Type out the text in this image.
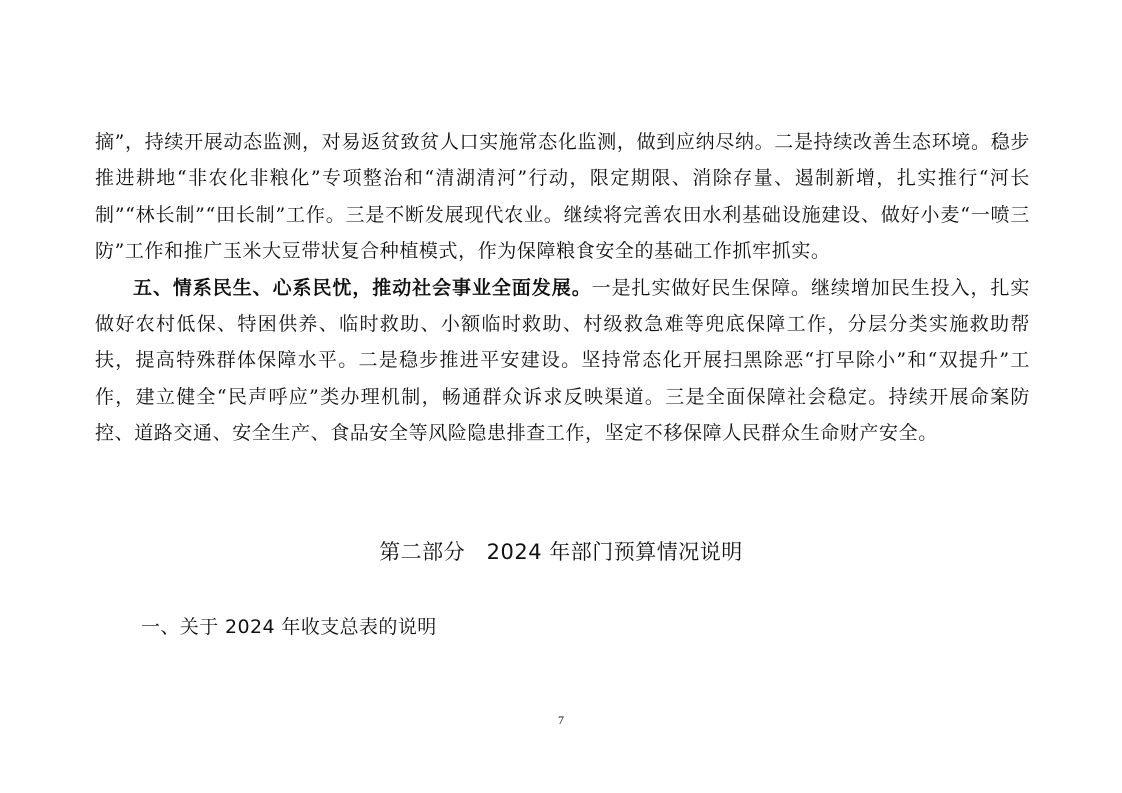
摘”，持续开展动态监测，对易返贫致贫人口实施常态化监测，做到应纳尽纳。二是持续改善生态环境。稳步推进耕地“非农化非粮化”专项整治和“清湖清河”行动，限定期限、消除存量、遏制新增，扎实推行“河长制”“林长制”“田长制”工作。三是不断发展现代农业。继续将完善农田水利基础设施建设、做好小麦“一喷三防”工作和推广玉米大豆带状复合种植模式，作为保障粮食安全的基础工作抓牢抓实。

五、情系民生、心系民忧，推动社会事业全面发展。一是扎实做好民生保障。继续增加民生投入，扎实做好农村低保、特困供养、临时救助、小额临时救助、村级救急难等兜底保障工作，分层分类实施救助帮扶，提高特殊群体保障水平。二是稳步推进平安建设。坚持常态化开展扫黑除恶“打早除小”和“双提升”工作，建立健全“民声呼应”类办理机制，畅通群众诉求反映渠道。三是全面保障社会稳定。持续开展命案防控、道路交通、安全生产、食品安全等风险隐患排查工作，坚定不移保障人民群众生命财产安全。

第二部分　2024 年部门预算情况说明
一、关于 2024 年收支总表的说明
7
